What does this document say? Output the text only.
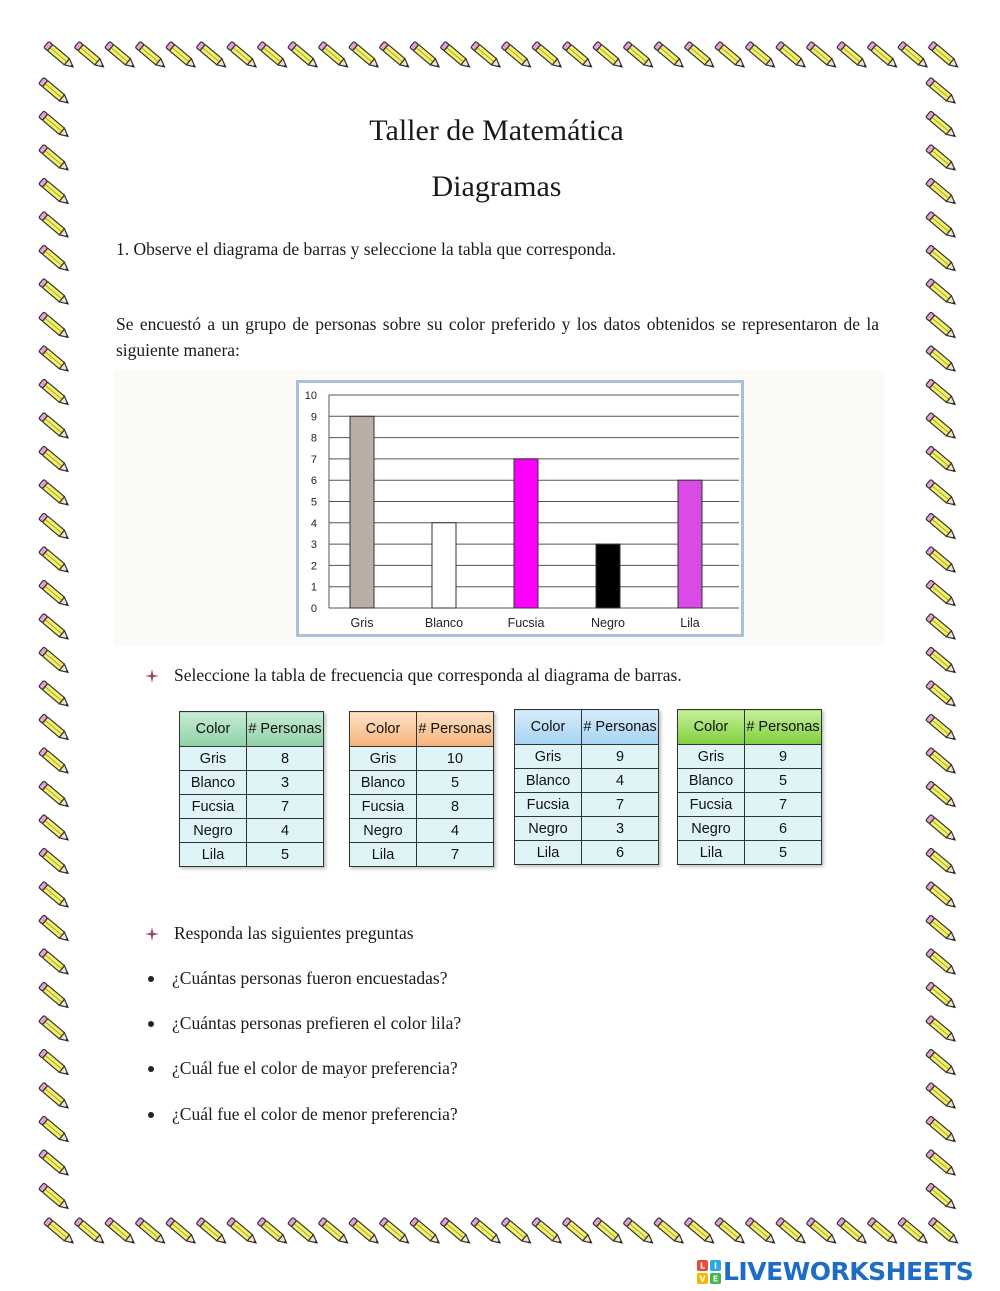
Taller de Matemática
Diagramas
1. Observe el diagrama de barras y seleccione la tabla que corresponda.
Se encuestó a un grupo de personas sobre su color preferido y los datos obtenidos se representaron de la siguiente manera:
0
1
2
3
4
5
6
7
8
9
10
Gris	Blanco	Fucsia	Negro	Lila
Seleccione la tabla de frecuencia que corresponda al diagrama de barras.
Color	# Personas
Gris	8
Blanco	3
Fucsia	7
Negro	4
Lila	5
Color	# Personas
Gris	10
Blanco	5
Fucsia	8
Negro	4
Lila	7
Color	# Personas
Gris	9
Blanco	4
Fucsia	7
Negro	3
Lila	6
Color	# Personas
Gris	9
Blanco	5
Fucsia	7
Negro	6
Lila	5
Responda las siguientes preguntas
¿Cuántas personas fueron encuestadas?
¿Cuántas personas prefieren el color lila?
¿Cuál fue el color de mayor preferencia?
¿Cuál fue el color de menor preferencia?
L I
V E LIVEWORKSHEETS
